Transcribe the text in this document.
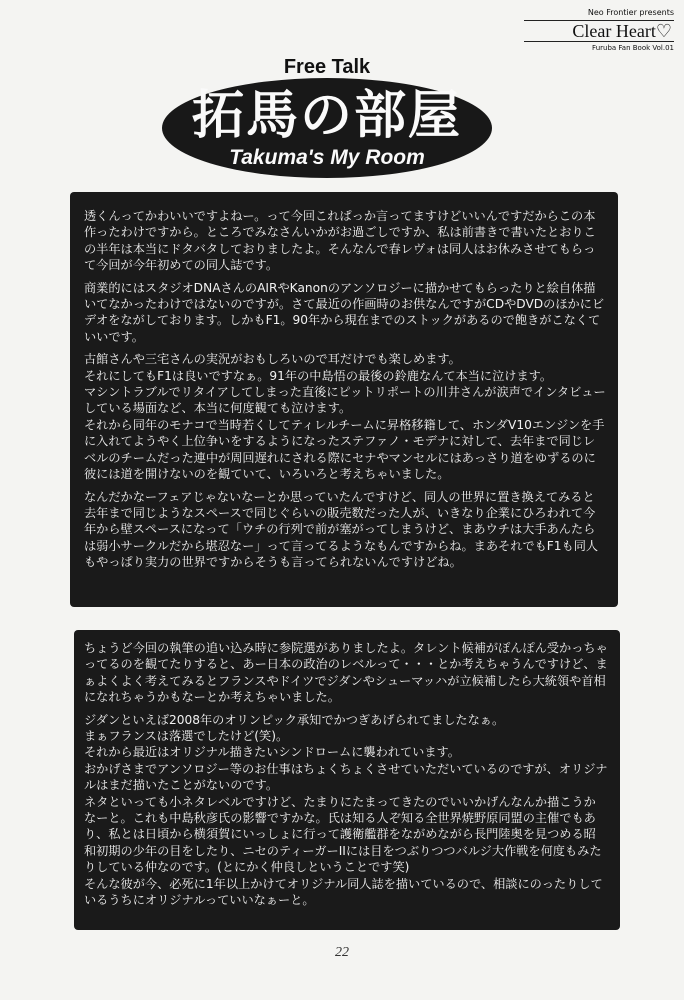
Neo Frontier presents
Clear Heart♡
Furuba Fan Book Vol.01
Free Talk
拓馬の部屋
Takuma's My Room

透くんってかわいいですよねー。って今回これぱっか言ってますけどいいんですだからこの本作ったわけですから。ところでみなさんいかがお過ごしですか、私は前書きで書いたとおりこの半年は本当にドタバタしておりましたよ。そんなんで春レヴォは同人はお休みさせてもらって今回が今年初めての同人誌です。

商業的にはスタジオDNAさんのAIRやKanonのアンソロジーに描かせてもらったりと絵自体描いてなかったわけではないのですが。さて最近の作画時のお供なんですがCDやDVDのほかにビデオをながしております。しかもF1。90年から現在までのストックがあるので飽きがこなくていいです。

古館さんや三宅さんの実況がおもしろいので耳だけでも楽しめます。
それにしてもF1は良いですなぁ。91年の中島悟の最後の鈴鹿なんて本当に泣けます。
マシントラブルでリタイアしてしまった直後にピットリポートの川井さんが涙声でインタビューしている場面など、本当に何度観ても泣けます。
それから同年のモナコで当時若くしてティレルチームに昇格移籍して、ホンダV10エンジンを手に入れてようやく上位争いをするようになったステファノ・モデナに対して、去年まで同じレベルのチームだった連中が周回遅れにされる際にセナやマンセルにはあっさり道をゆずるのに彼には道を開けないのを観ていて、いろいろと考えちゃいました。

なんだかなーフェアじゃないなーとか思っていたんですけど、同人の世界に置き換えてみると去年まで同じようなスペースで同じぐらいの販売数だった人が、いきなり企業にひろわれて今年から壁スペースになって「ウチの行列で前が塞がってしまうけど、まあウチは大手あんたらは弱小サークルだから堪忍なー」って言ってるようなもんですからね。まあそれでもF1も同人もやっぱり実力の世界ですからそうも言ってられないんですけどね。

ちょうど今回の執筆の追い込み時に参院選がありましたよ。タレント候補がぽんぽん受かっちゃってるのを観てたりすると、あー日本の政治のレベルって・・・とか考えちゃうんですけど、まぁよくよく考えてみるとフランスやドイツでジダンやシューマッハが立候補したら大統領や首相になれちゃうかもなーとか考えちゃいました。

ジダンといえば2008年のオリンピック承知でかつぎあげられてましたなぁ。
まぁフランスは落選でしたけど(笑)。
それから最近はオリジナル描きたいシンドロームに襲われています。
おかげさまでアンソロジー等のお仕事はちょくちょくさせていただいているのですが、オリジナルはまだ描いたことがないのです。
ネタといっても小ネタレベルですけど、たまりにたまってきたのでいいかげんなんか描こうかなーと。これも中島秋彦氏の影響ですかな。氏は知る人ぞ知る全世界焼野原同盟の主催でもあり、私とは日頃から横須賀にいっしょに行って護衛艦群をながめながら長門陸奥を見つめる昭和初期の少年の目をしたり、ニセのティーガーIIには目をつぶりつつバルジ大作戦を何度もみたりしている仲なのです。(とにかく仲良しということです笑)
そんな彼が今、必死に1年以上かけてオリジナル同人誌を描いているので、相談にのったりしているうちにオリジナルっていいなぁーと。

22
